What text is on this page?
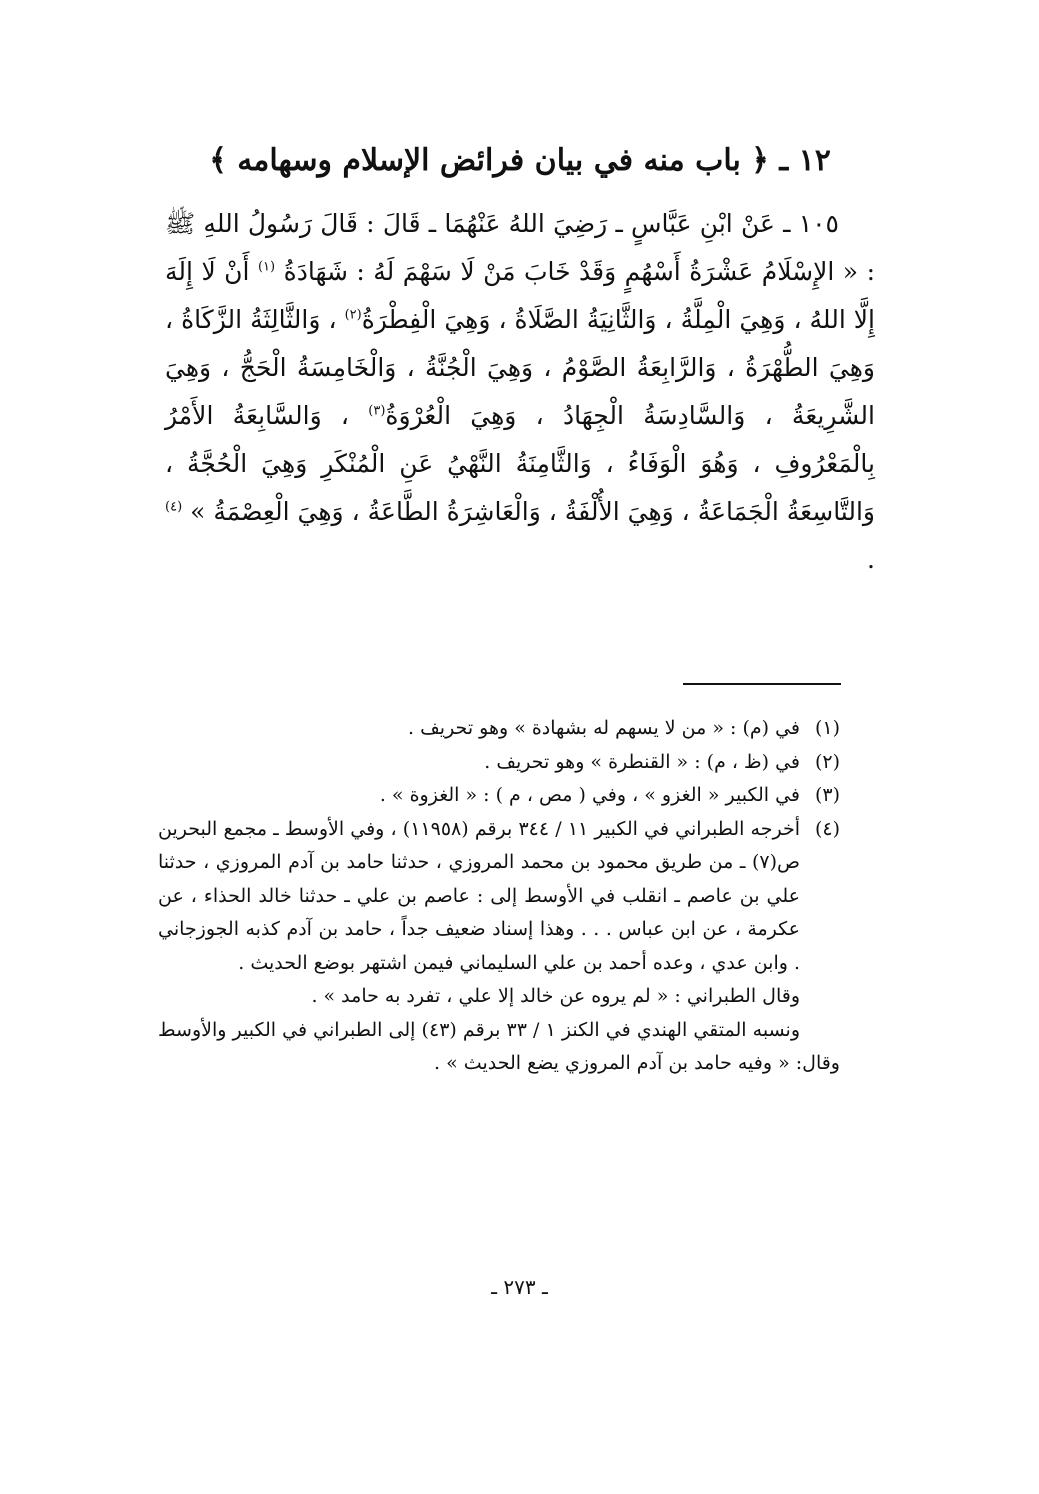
١٢ ـ ﴿ باب منه في بيان فرائض الإسلام وسهامه ﴾

١٠٥ ـ عَنْ ابْنِ عَبَّاسٍ ـ رَضِيَ اللهُ عَنْهُمَا ـ قَالَ : قَالَ رَسُولُ اللهِ ﷺ : « الإِسْلَامُ عَشْرَةُ أَسْهُمٍ وَقَدْ خَابَ مَنْ لَا سَهْمَ لَهُ : شَهَادَةُ $^{(١)}$ أَنْ لَا إِلَهَ إِلَّا اللهُ ، وَهِيَ الْمِلَّةُ ، وَالثَّانِيَةُ الصَّلَاةُ ، وَهِيَ الْفِطْرَةُ$^{(٢)}$ ، وَالثَّالِثَةُ الزَّكَاةُ ، وَهِيَ الطُّهْرَةُ ، وَالرَّابِعَةُ الصَّوْمُ ، وَهِيَ الْجُنَّةُ ، وَالْخَامِسَةُ الْحَجُّ ، وَهِيَ الشَّرِيعَةُ ، وَالسَّادِسَةُ الْجِهَادُ ، وَهِيَ الْعُرْوَةُ$^{(٣)}$ ، وَالسَّابِعَةُ الأَمْرُ بِالْمَعْرُوفِ ، وَهُوَ الْوَفَاءُ ، وَالثَّامِنَةُ النَّهْيُ عَنِ الْمُنْكَرِ وَهِيَ الْحُجَّةُ ، وَالتَّاسِعَةُ الْجَمَاعَةُ ، وَهِيَ الأُلْفَةُ ، وَالْعَاشِرَةُ الطَّاعَةُ ، وَهِيَ الْعِصْمَةُ » $^{(٤)}$ .

(١)
في (م) : « من لا يسهم له بشهادة » وهو تحريف .
(٢)
في (ظ ، م) : « القنطرة » وهو تحريف .
(٣)
في الكبير « الغزو » ، وفي ( مص ، م ) : « الغزوة » .
(٤)
أخرجه الطبراني في الكبير ١١ / ٣٤٤ برقم (١١٩٥٨) ، وفي الأوسط ـ مجمع البحرين ص(٧) ـ من طريق محمود بن محمد المروزي ، حدثنا حامد بن آدم المروزي ، حدثنا علي بن عاصم ـ انقلب في الأوسط إلى : عاصم بن علي ـ حدثنا خالد الحذاء ، عن عكرمة ، عن ابن عباس . . . وهذا إسناد ضعيف جداً ، حامد بن آدم كذبه الجوزجاني . وابن عدي ، وعده أحمد بن علي السليماني فيمن اشتهر بوضع الحديث .

وقال الطبراني : « لم يروه عن خالد إلا علي ، تفرد به حامد » .

ونسبه المتقي الهندي في الكنز ١ / ٣٣ برقم (٤٣) إلى الطبراني في الكبير والأوسط وقال: « وفيه حامد بن آدم المروزي يضع الحديث » .

ـ ٢٧٣ ـ
